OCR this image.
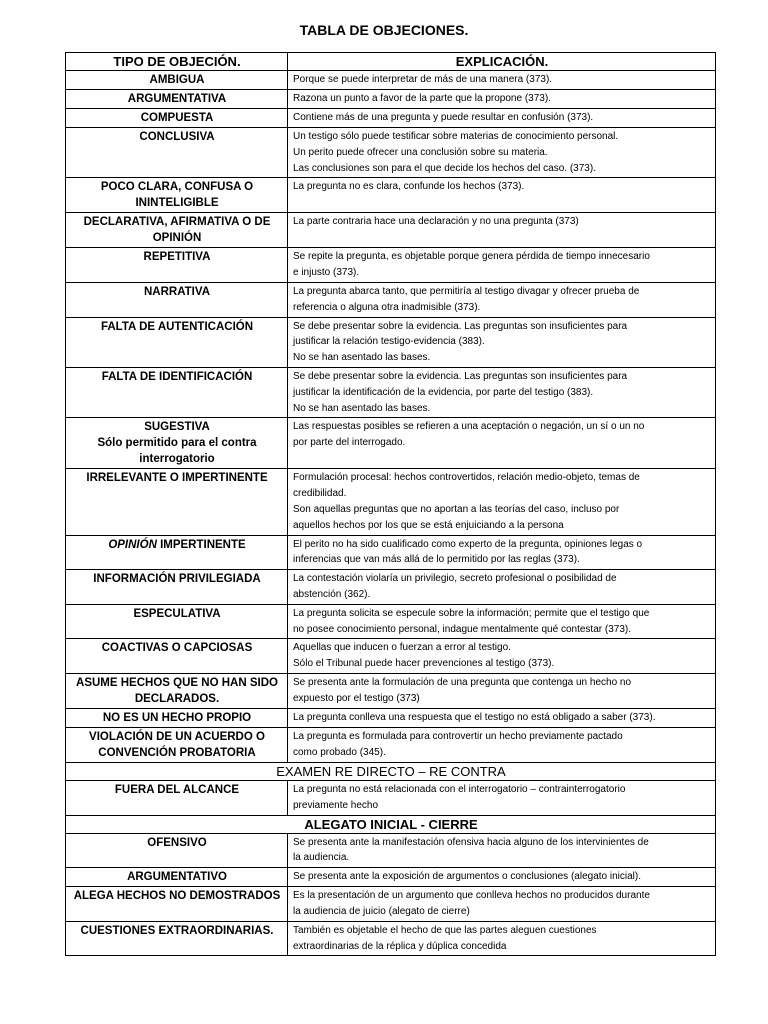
TABLA DE OBJECIONES.
TIPO DE OBJECIÓN.	EXPLICACIÓN.

AMBIGUA	Porque se puede interpretar de más de una manera (373).

ARGUMENTATIVA	Razona un punto a favor de la parte que la propone (373).

COMPUESTA	Contiene más de una pregunta y puede resultar en confusión (373).

CONCLUSIVA	Un testigo sólo puede testificar sobre materias de conocimiento personal.
Un perito puede ofrecer una conclusión sobre su materia.
Las conclusiones son para el que decide los hechos del caso. (373).

POCO CLARA, CONFUSA O
ININTELIGIBLE	La pregunta no es clara, confunde los hechos (373).

DECLARATIVA, AFIRMATIVA O DE
OPINIÓN	La parte contraria hace una declaración y no una pregunta (373)

REPETITIVA	Se repite la pregunta, es objetable porque genera pérdida de tiempo innecesario
e injusto (373).

NARRATIVA	La pregunta abarca tanto, que permitiría al testigo divagar y ofrecer prueba de
referencia o alguna otra inadmisible (373).

FALTA DE AUTENTICACIÓN	Se debe presentar sobre la evidencia. Las preguntas son insuficientes para
justificar la relación testigo-evidencia (383).
No se han asentado las bases.

FALTA DE IDENTIFICACIÓN	Se debe presentar sobre la evidencia. Las preguntas son insuficientes para
justificar la identificación de la evidencia, por parte del testigo (383).
No se han asentado las bases.

SUGESTIVA
Sólo permitido para el contra
interrogatorio	Las respuestas posibles se refieren a una aceptación o negación, un sí o un no
por parte del interrogado.

IRRELEVANTE O IMPERTINENTE	Formulación procesal: hechos controvertidos, relación medio-objeto, temas de
credibilidad.
Son aquellas preguntas que no aportan a las teorías del caso, incluso por
aquellos hechos por los que se está enjuiciando a la persona

OPINIÓN IMPERTINENTE	El perito no ha sido cualificado como experto de la pregunta, opiniones legas o
inferencias que van más allá de lo permitido por las reglas (373).

INFORMACIÓN PRIVILEGIADA	La contestación violaría un privilegio, secreto profesional o posibilidad de
abstención (362).

ESPECULATIVA	La pregunta solicita se especule sobre la información; permite que el testigo que
no posee conocimiento personal, indague mentalmente qué contestar (373).

COACTIVAS O CAPCIOSAS	Aquellas que inducen o fuerzan a error al testigo.
Sólo el Tribunal puede hacer prevenciones al testigo (373).

ASUME HECHOS QUE NO HAN SIDO
DECLARADOS.	Se presenta ante la formulación de una pregunta que contenga un hecho no
expuesto por el testigo (373)

NO ES UN HECHO PROPIO	La pregunta conlleva una respuesta que el testigo no está obligado a saber (373).

VIOLACIÓN DE UN ACUERDO O
CONVENCIÓN PROBATORIA	La pregunta es formulada para controvertir un hecho previamente pactado
como probado (345).

EXAMEN RE DIRECTO – RE CONTRA	

FUERA DEL ALCANCE	La pregunta no está relacionada con el interrogatorio – contrainterrogatorio
previamente hecho

ALEGATO INICIAL - CIERRE	

OFENSIVO	Se presenta ante la manifestación ofensiva hacia alguno de los intervinientes de
la audiencia.

ARGUMENTATIVO	Se presenta ante la exposición de argumentos o conclusiones (alegato inicial).

ALEGA HECHOS NO DEMOSTRADOS	Es la presentación de un argumento que conlleva hechos no producidos durante
la audiencia de juicio (alegato de cierre)

CUESTIONES EXTRAORDINARIAS.	También es objetable el hecho de que las partes aleguen cuestiones
extraordinarias de la réplica y dúplica concedida
